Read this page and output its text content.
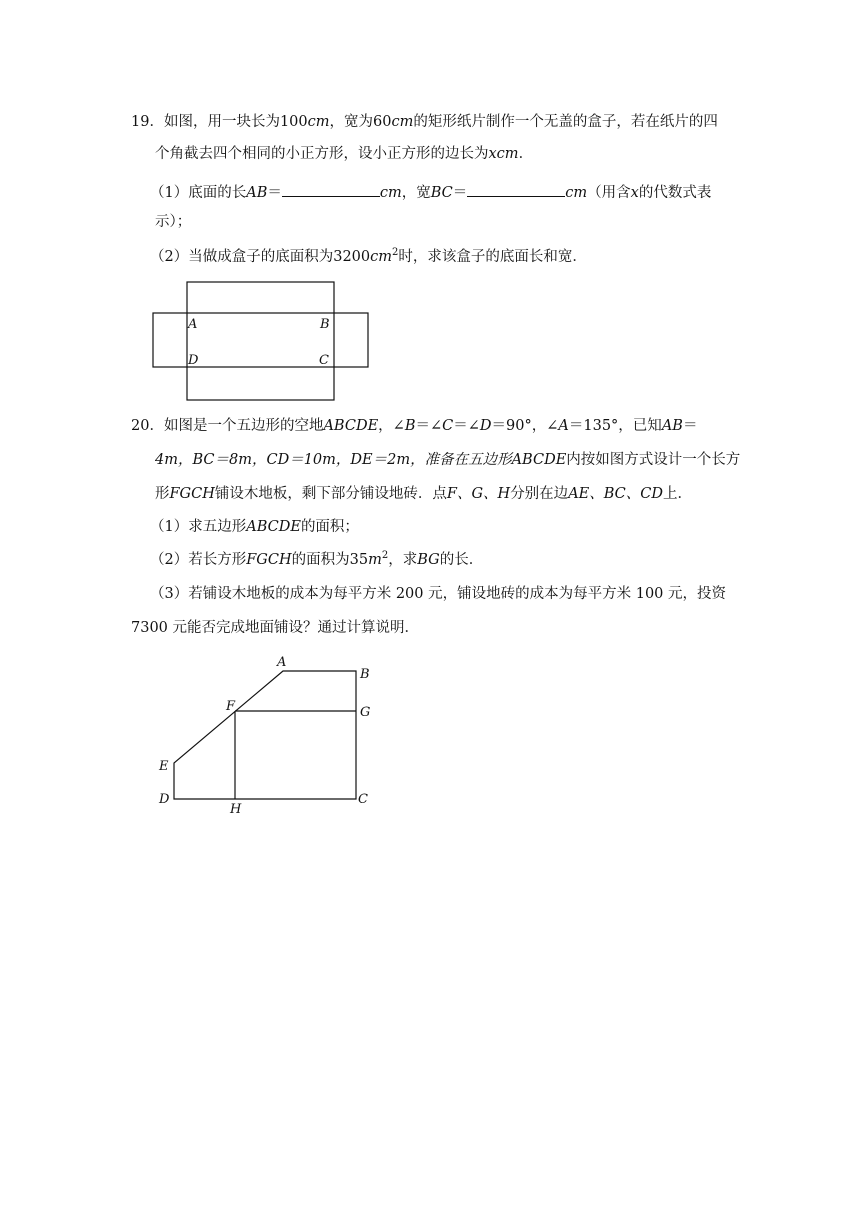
19．如图，用一块长为100cm，宽为60cm的矩形纸片制作一个无盖的盒子，若在纸片的四
个角截去四个相同的小正方形，设小正方形的边长为xcm．
（1）底面的长AB＝	cm，宽BC＝	cm（用含x的代数式表
示）；
（2）当做成盒子的底面积为$3200cm^2$时，求该盒子的底面长和宽．
A	B
D	C
20．如图是一个五边形的空地ABCDE，∠B＝∠C＝∠D＝90°，∠A＝135°，已知AB＝
4m，BC＝8m，CD＝10m，DE＝2m，准备在五边形ABCDE内按如图方式设计一个长方
形FGCH铺设木地板，剩下部分铺设地砖．点F、G、H分别在边AE、BC、CD上．
（1）求五边形ABCDE的面积；
（2）若长方形FGCH的面积为$35m^2$，求BG的长．
（3）若铺设木地板的成本为每平方米 200 元，铺设地砖的成本为每平方米 100 元，投资
7300 元能否完成地面铺设？通过计算说明．
A
B
G
F
E
D
H
C
